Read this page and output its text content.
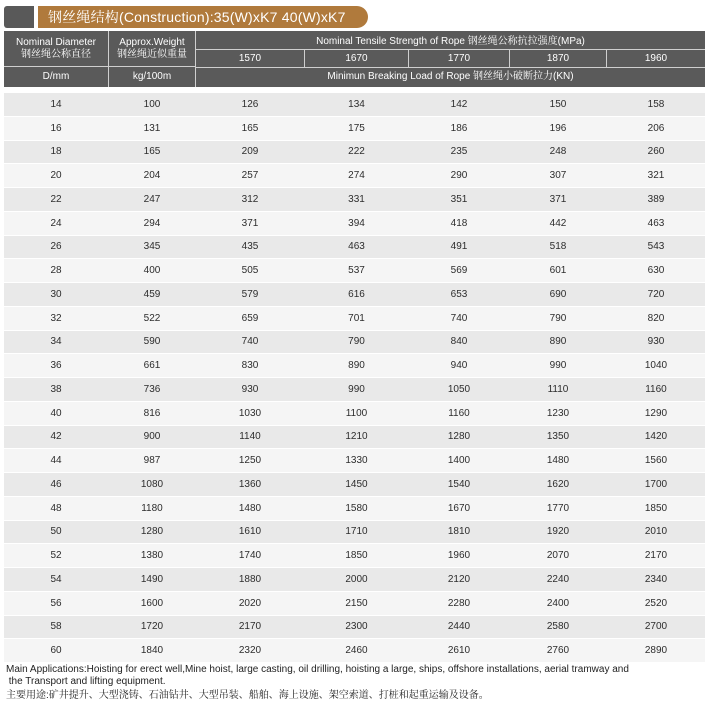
钢丝绳结构(Construction):35(W)xK7 40(W)xK7
Nominal Diameter
钢丝绳公称直径
D/mm
Approx.Weight
钢丝绳近似重量
kg/100m
Nominal Tensile Strength of Rope 钢丝绳公称抗拉强度(MPa)
1570	1670	1770	1870	1960
Minimun Breaking Load of Rope 钢丝绳小破断拉力(KN)
14	100	126	134	142	150	158
16	131	165	175	186	196	206
18	165	209	222	235	248	260
20	204	257	274	290	307	321
22	247	312	331	351	371	389
24	294	371	394	418	442	463
26	345	435	463	491	518	543
28	400	505	537	569	601	630
30	459	579	616	653	690	720
32	522	659	701	740	790	820
34	590	740	790	840	890	930
36	661	830	890	940	990	1040
38	736	930	990	1050	1110	1160
40	816	1030	1100	1160	1230	1290
42	900	1140	1210	1280	1350	1420
44	987	1250	1330	1400	1480	1560
46	1080	1360	1450	1540	1620	1700
48	1180	1480	1580	1670	1770	1850
50	1280	1610	1710	1810	1920	2010
52	1380	1740	1850	1960	2070	2170
54	1490	1880	2000	2120	2240	2340
56	1600	2020	2150	2280	2400	2520
58	1720	2170	2300	2440	2580	2700
60	1840	2320	2460	2610	2760	2890
Main Applications:Hoisting for erect well,Mine hoist, large casting, oil drilling, hoisting a large, ships, offshore installations, aerial tramway and
the Transport and lifting equipment.
主要用途:矿井提升、大型浇铸、石油钻井、大型吊装、船舶、海上设施、架空索道、打桩和起重运输及设备。
